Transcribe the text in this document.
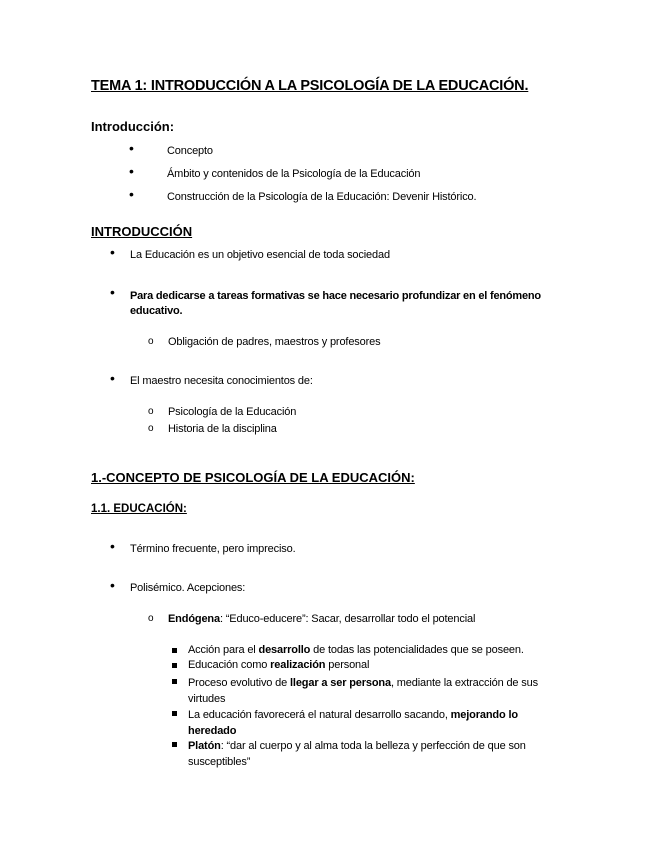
TEMA 1: INTRODUCCIÓN A LA PSICOLOGÍA DE LA EDUCACIÓN.
Introducción:
•	Concepto
•	Ámbito y contenidos de la Psicología de la Educación
•	Construcción de la Psicología de la Educación: Devenir Histórico.
INTRODUCCIÓN
• La Educación es un objetivo esencial de toda sociedad
• Para dedicarse a tareas formativas se hace necesario profundizar en el fenómeno educativo.
o Obligación de padres, maestros y profesores
• El maestro necesita conocimientos de:
o Psicología de la Educación
o Historia de la disciplina
1.-CONCEPTO DE PSICOLOGÍA DE LA EDUCACIÓN:
1.1. EDUCACIÓN:
• Término frecuente, pero impreciso.
• Polisémico. Acepciones:
o Endógena: “Educo-educere”: Sacar, desarrollar todo el potencial
Acción para el desarrollo de todas las potencialidades que se poseen.
Educación como realización personal
Proceso evolutivo de llegar a ser persona, mediante la extracción de sus virtudes
La educación favorecerá el natural desarrollo sacando, mejorando lo heredado
Platón: “dar al cuerpo y al alma toda la belleza y perfección de que son susceptibles”
